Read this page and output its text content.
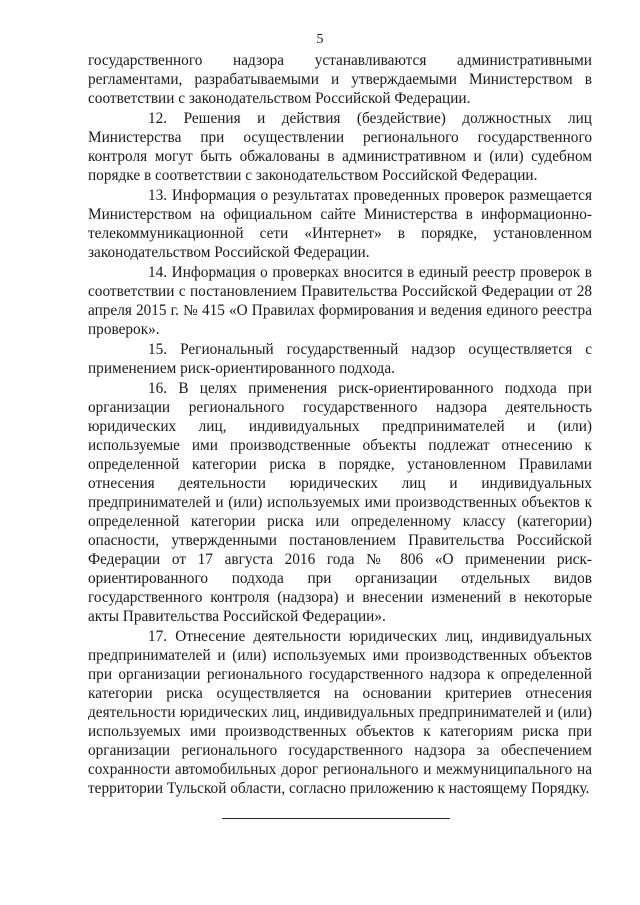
5

государственного надзора устанавливаются административными регламентами, разрабатываемыми и утверждаемыми Министерством в соответствии с законодательством Российской Федерации.

12. Решения и действия (бездействие) должностных лиц Министерства при осуществлении регионального государственного контроля могут быть обжалованы в административном и (или) судебном порядке в соответствии с законодательством Российской Федерации.

13. Информация о результатах проведенных проверок размещается Министерством на официальном сайте Министерства в информационно-телекоммуникационной сети «Интернет» в порядке, установленном законодательством Российской Федерации.

14. Информация о проверках вносится в единый реестр проверок в соответствии с постановлением Правительства Российской Федерации от 28 апреля 2015 г. № 415 «О Правилах формирования и ведения единого реестра проверок».

15. Региональный государственный надзор осуществляется с применением риск-ориентированного подхода.

16. В целях применения риск-ориентированного подхода при организации регионального государственного надзора деятельность юридических лиц, индивидуальных предпринимателей и (или) используемые ими производственные объекты подлежат отнесению к определенной категории риска в порядке, установленном Правилами отнесения деятельности юридических лиц и индивидуальных предпринимателей и (или) используемых ими производственных объектов к определенной категории риска или определенному классу (категории) опасности, утвержденными постановлением Правительства Российской Федерации от 17 августа 2016 года № 806 «О применении риск-ориентированного подхода при организации отдельных видов государственного контроля (надзора) и внесении изменений в некоторые акты Правительства Российской Федерации».

17. Отнесение деятельности юридических лиц, индивидуальных предпринимателей и (или) используемых ими производственных объектов при организации регионального государственного надзора к определенной категории риска осуществляется на основании критериев отнесения деятельности юридических лиц, индивидуальных предпринимателей и (или) используемых ими производственных объектов к категориям риска при организации регионального государственного надзора за обеспечением сохранности автомобильных дорог регионального и межмуниципального на территории Тульской области, согласно приложению к настоящему Порядку.
